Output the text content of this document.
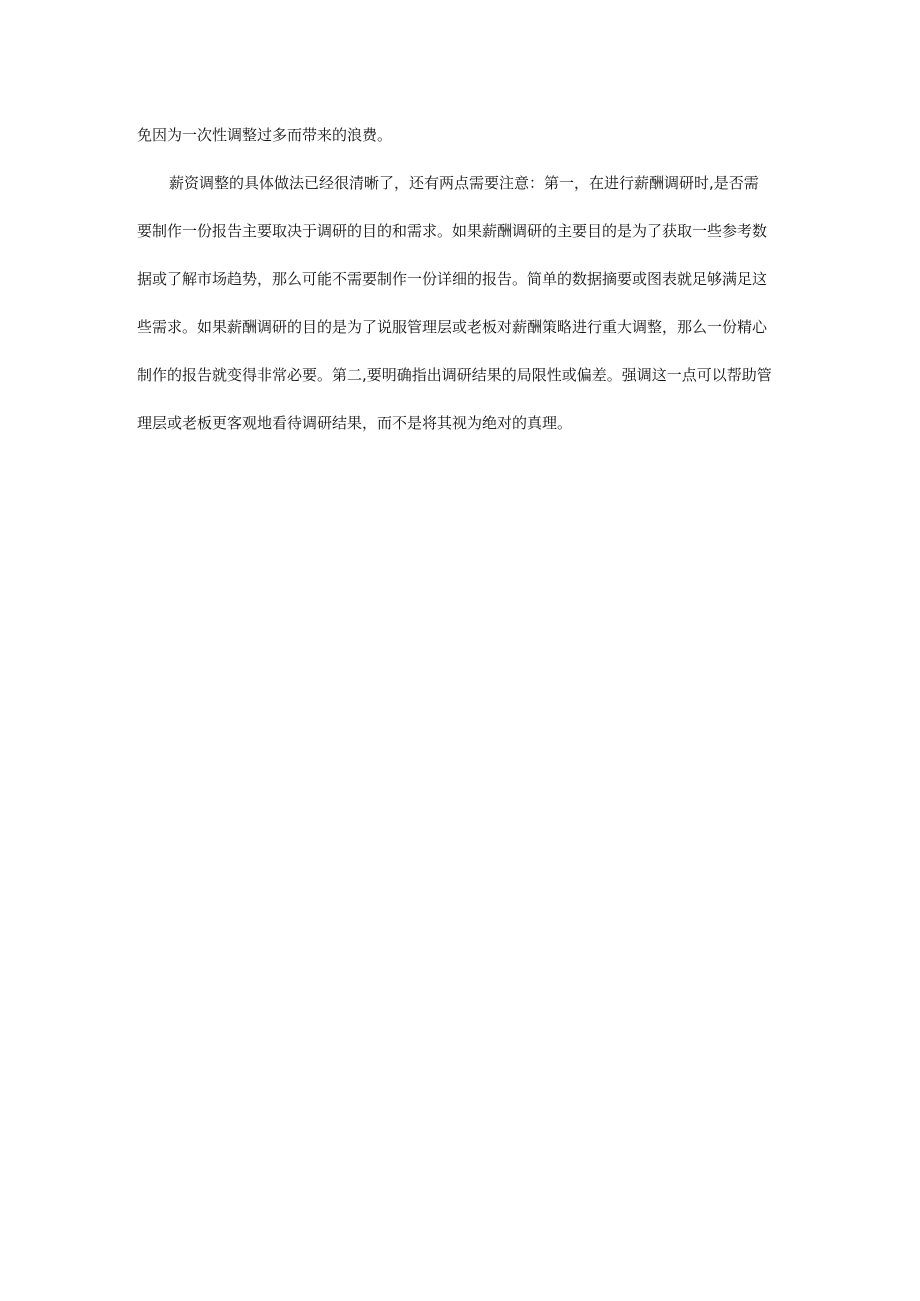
免因为一次性调整过多而带来的浪费。
薪资调整的具体做法已经很清晰了，还有两点需要注意：第一，在进行薪酬调研时,是否需
要制作一份报告主要取决于调研的目的和需求。如果薪酬调研的主要目的是为了获取一些参考数
据或了解市场趋势，那么可能不需要制作一份详细的报告。简单的数据摘要或图表就足够满足这
些需求。如果薪酬调研的目的是为了说服管理层或老板对薪酬策略进行重大调整，那么一份精心
制作的报告就变得非常必要。第二,要明确指出调研结果的局限性或偏差。强调这一点可以帮助管
理层或老板更客观地看待调研结果，而不是将其视为绝对的真理。
